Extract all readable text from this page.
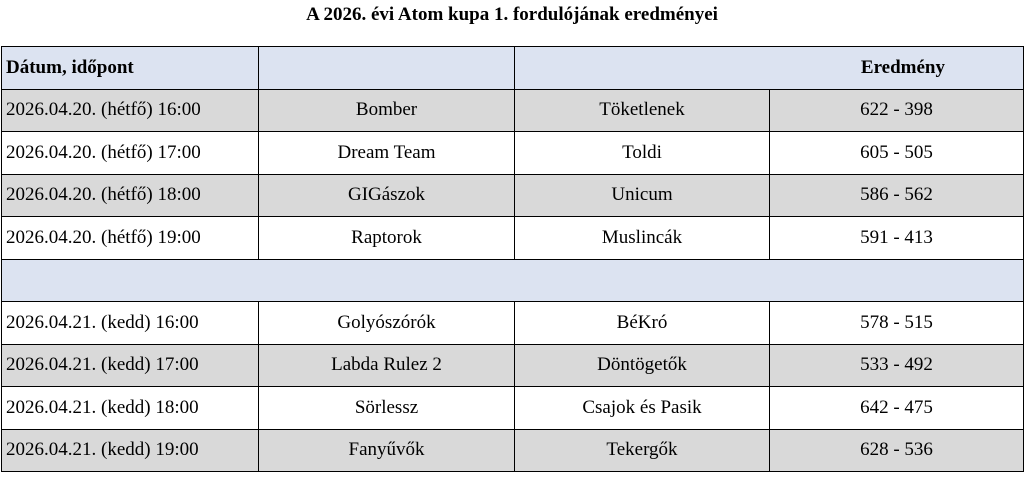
A 2026. évi Atom kupa 1. fordulójának eredményei
Dátum, időpont		Eredmény	
2026.04.20. (hétfő) 16:00	Bomber	Töketlenek	622 - 398
2026.04.20. (hétfő) 17:00	Dream Team	Toldi	605 - 505
2026.04.20. (hétfő) 18:00	GIGászok	Unicum	586 - 562
2026.04.20. (hétfő) 19:00	Raptorok	Muslincák	591 - 413

2026.04.21. (kedd) 16:00	Golyószórók	BéKró	578 - 515
2026.04.21. (kedd) 17:00	Labda Rulez 2	Döntögetők	533 - 492
2026.04.21. (kedd) 18:00	Sörlessz	Csajok és Pasik	642 - 475
2026.04.21. (kedd) 19:00	Fanyűvők	Tekergők	628 - 536
